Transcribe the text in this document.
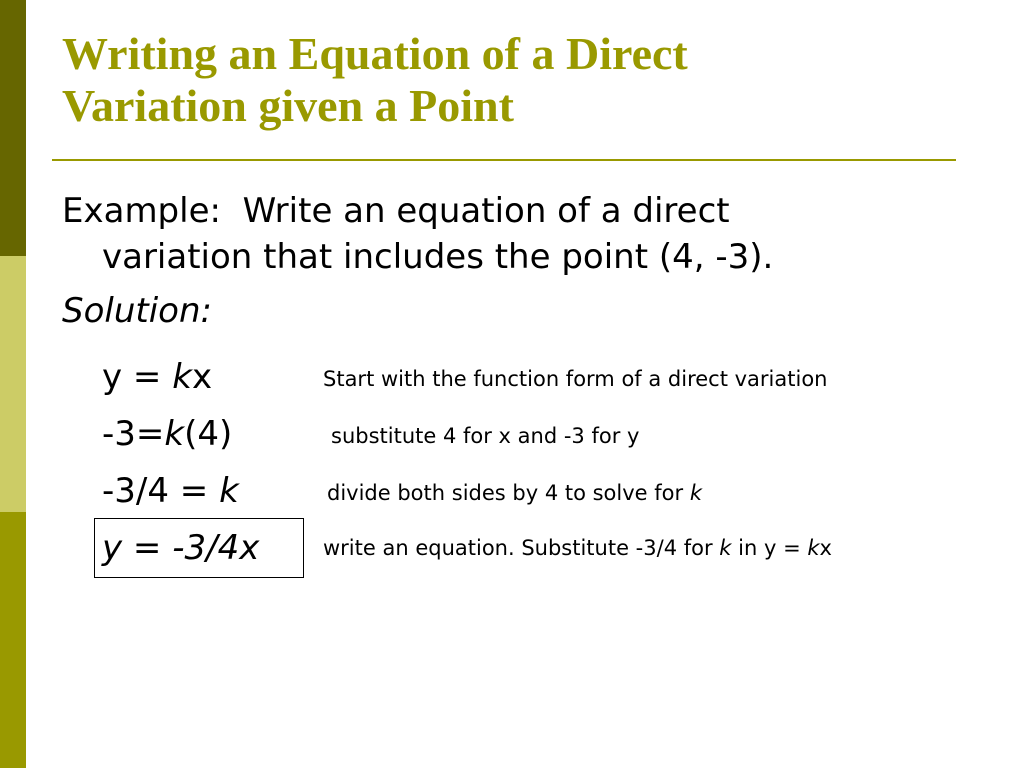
Writing an Equation of a Direct
Variation given a Point

Example: Write an equation of a direct
variation that includes the point (4, -3).

Solution:

y = kx	Start with the function form of a direct variation
-3=k(4)	substitute 4 for x and -3 for y
-3/4 = k	divide both sides by 4 to solve for k
y = -3/4x	write an equation. Substitute -3/4 for k in y = kx
